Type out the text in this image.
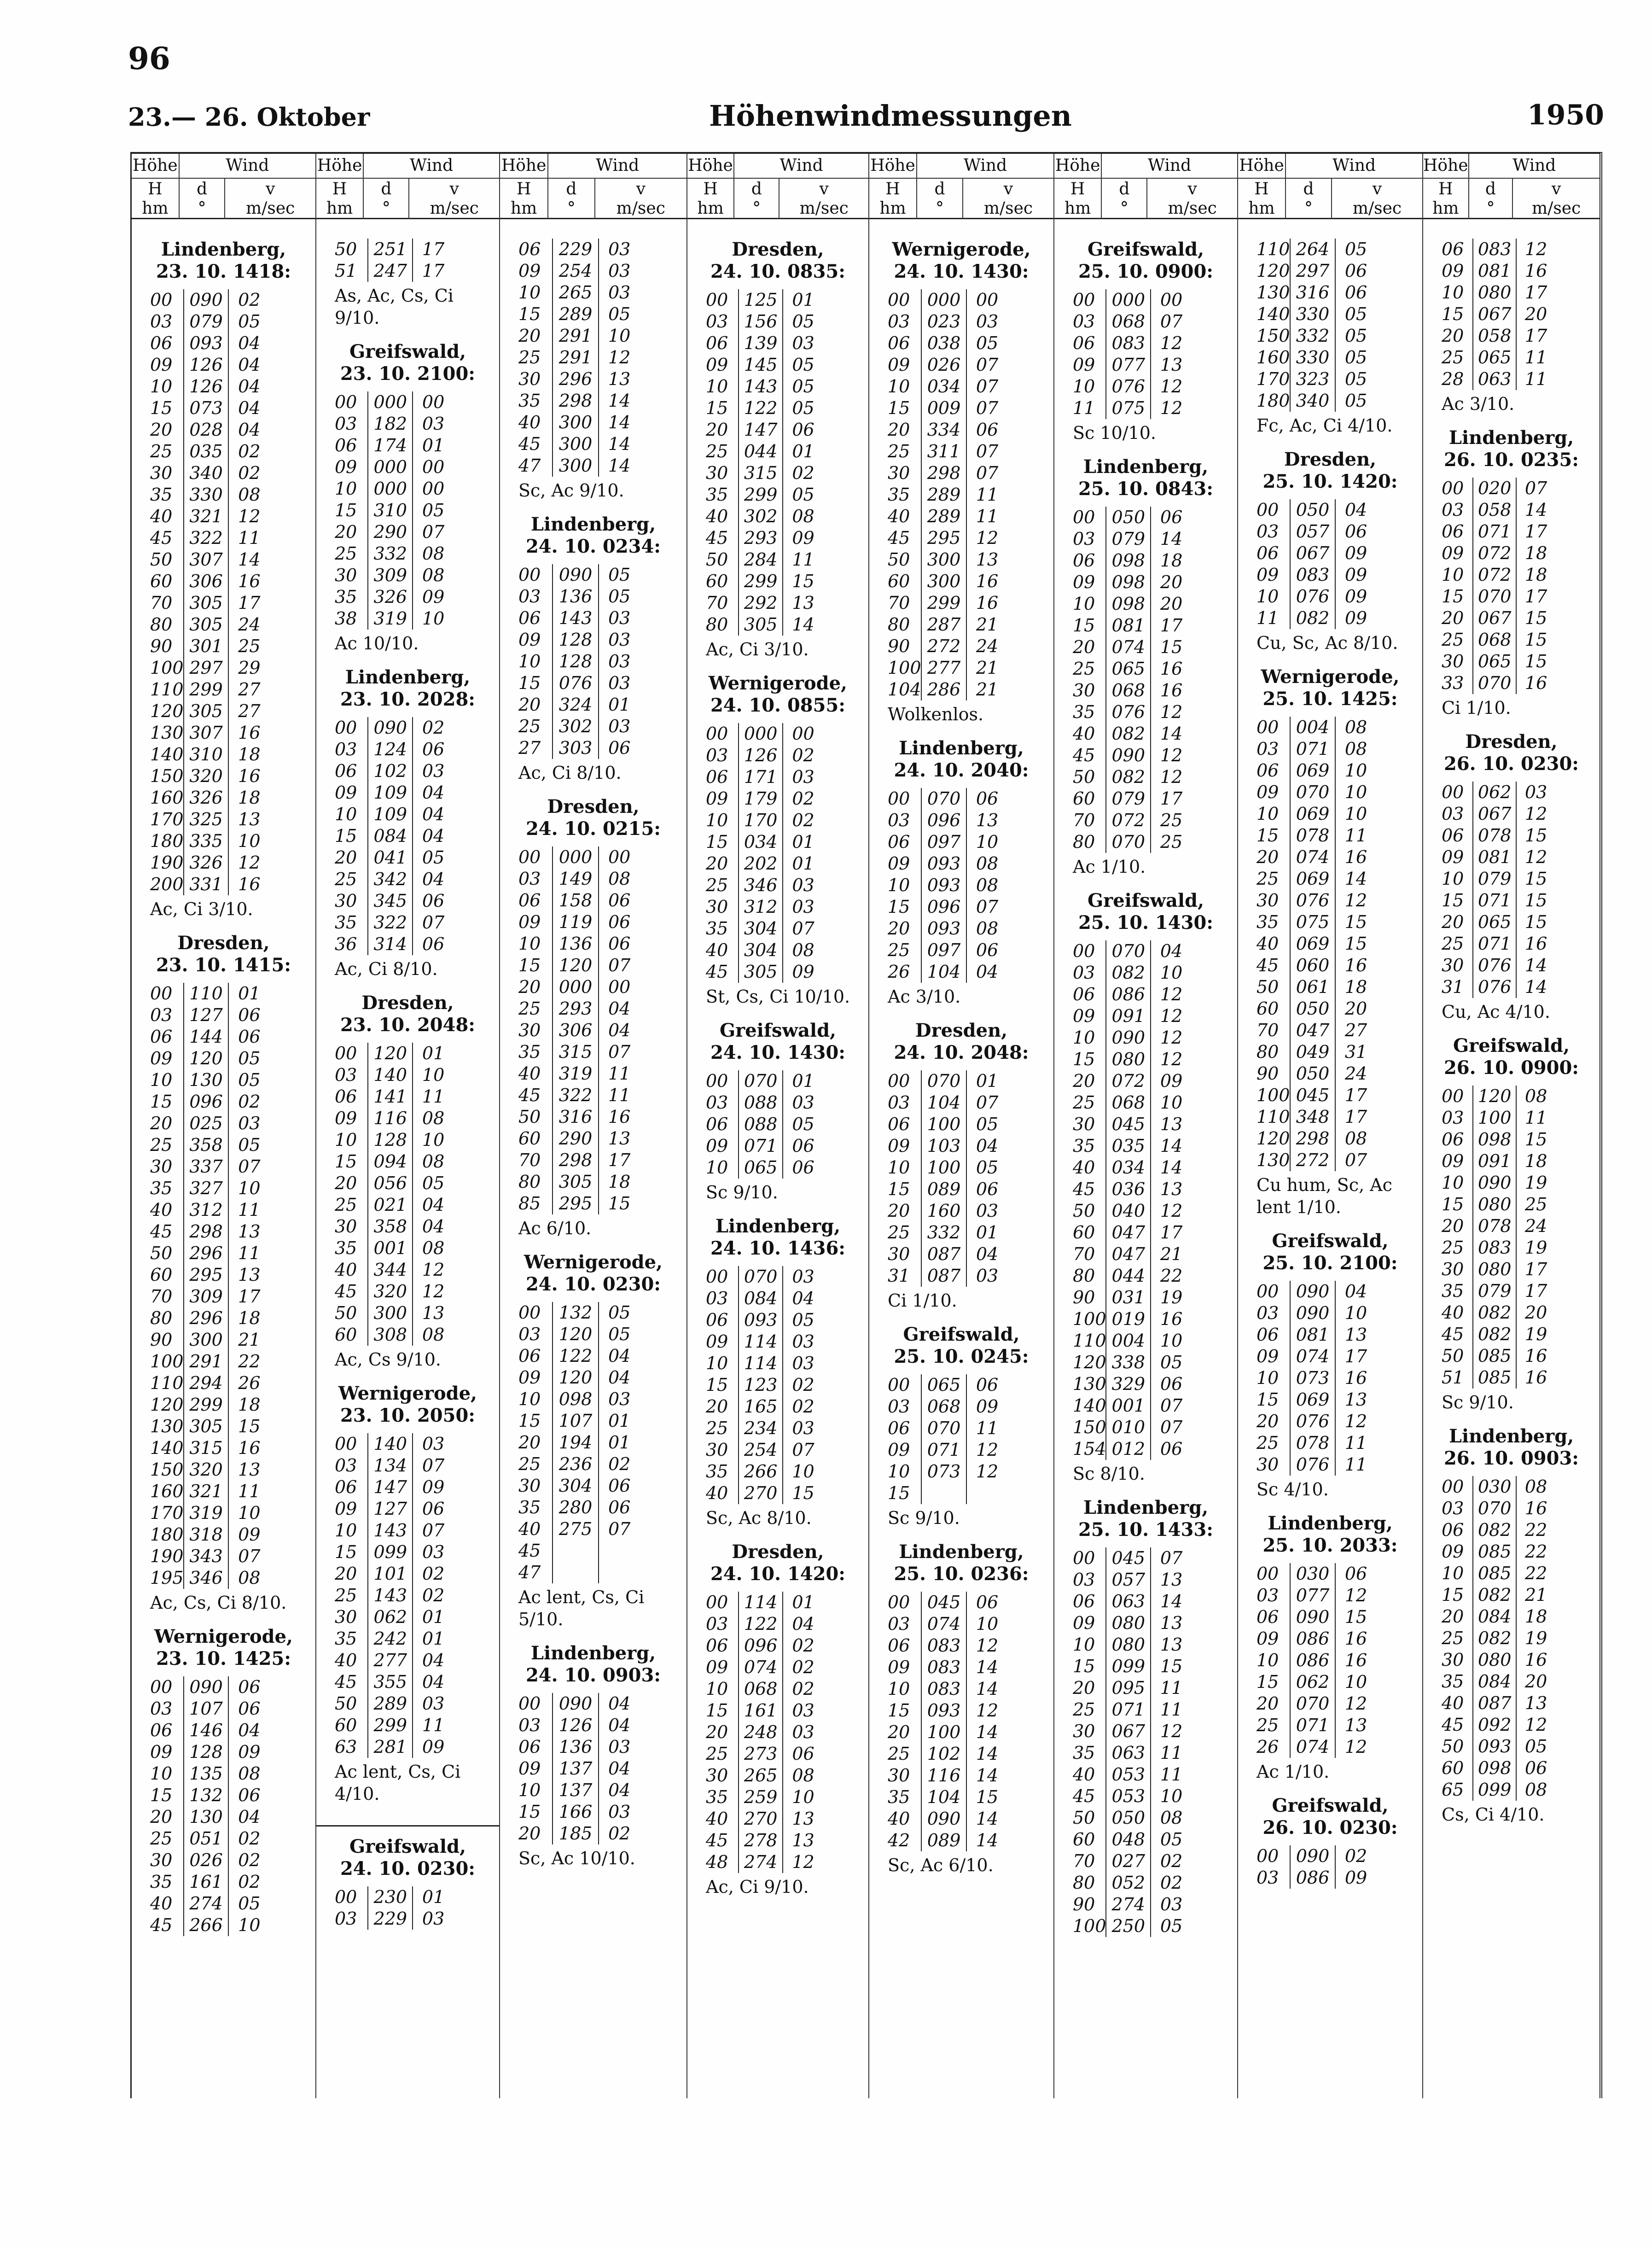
96
23.— 26. Oktober	Höhenwindmessungen	1950
Höhe	Wind
H	d	v
hm	°	m/sec
Lindenberg,
23. 10. 1418:
00 090 02
03 079 05
06 093 04
09 126 04
10 126 04
15 073 04
20 028 04
25 035 02
30 340 02
35 330 08
40 321 12
45 322 11
50 307 14
60 306 16
70 305 17
80 305 24
90 301 25
100 297 29
110 299 27
120 305 27
130 307 16
140 310 18
150 320 16
160 326 18
170 325 13
180 335 10
190 326 12
200 331 16
Ac, Ci 3/10.
Dresden,
23. 10. 1415:
00 110 01
03 127 06
06 144 06
09 120 05
10 130 05
15 096 02
20 025 03
25 358 05
30 337 07
35 327 10
40 312 11
45 298 13
50 296 11
60 295 13
70 309 17
80 296 18
90 300 21
100 291 22
110 294 26
120 299 18
130 305 15
140 315 16
150 320 13
160 321 11
170 319 10
180 318 09
190 343 07
195 346 08
Ac, Cs, Ci 8/10.
Wernigerode,
23. 10. 1425:
00 090 06
03 107 06
06 146 04
09 128 09
10 135 08
15 132 06
20 130 04
25 051 02
30 026 02
35 161 02
40 274 05
45 266 10
Höhe	Wind
H	d	v
hm	°	m/sec
50 251 17
51 247 17
As, Ac, Cs, Ci 9/10.
Greifswald,
23. 10. 2100:
00 000 00
03 182 03
06 174 01
09 000 00
10 000 00
15 310 05
20 290 07
25 332 08
30 309 08
35 326 09
38 319 10
Ac 10/10.
Lindenberg,
23. 10. 2028:
00 090 02
03 124 06
06 102 03
09 109 04
10 109 04
15 084 04
20 041 05
25 342 04
30 345 06
35 322 07
36 314 06
Ac, Ci 8/10.
Dresden,
23. 10. 2048:
00 120 01
03 140 10
06 141 11
09 116 08
10 128 10
15 094 08
20 056 05
25 021 04
30 358 04
35 001 08
40 344 12
45 320 12
50 300 13
60 308 08
Ac, Cs 9/10.
Wernigerode,
23. 10. 2050:
00 140 03
03 134 07
06 147 09
09 127 06
10 143 07
15 099 03
20 101 02
25 143 02
30 062 01
35 242 01
40 277 04
45 355 04
50 289 03
60 299 11
63 281 09
Ac lent, Cs, Ci 4/10.
Greifswald,
24. 10. 0230:
00 230 01
03 229 03
Höhe	Wind
H	d	v
hm	°	m/sec
06	229 03
09	254 03
10	265 03
15	289 05
20	291 10
25	291 12
30	296 13
35	298 14
40	300 14
45	300 14
47	300 14
Sc, Ac 9/10.
Lindenberg,
24. 10. 0234:
00	090 05
03	136 05
06	143 03
09	128 03
10	128 03
15	076 03
20	324 01
25	302 03
27	303 06
Ac, Ci 8/10.
Dresden,
24. 10. 0215:
00	000 00
03	149 08
06	158 06
09	119 06
10	136 06
15	120 07
20	000 00
25	293 04
30	306 04
35	315 07
40	319 11
45	322 11
50	316 16
60	290 13
70	298 17
80	305 18
85	295 15
Ac 6/10.
Wernigerode,
24. 10. 0230:
00	132 05
03	120 05
06	122 04
09	120 04
10	098 03
15	107 01
20	194 01
25	236 02
30	304 06
35	280 06
40	275 07
45
47
Ac lent, Cs, Ci 5/10.
Lindenberg,
24. 10. 0903:
00	090 04
03	126 04
06	136 03
09	137 04
10	137 04
15	166 03
20	185 02
Sc, Ac 10/10.
Höhe	Wind
H	d	v
hm	°	m/sec
Dresden,
24. 10. 0835:
00 125 01
03 156 05
06 139 03
09 145 05
10 143 05
15 122 05
20 147 06
25 044 01
30 315 02
35 299 05
40 302 08
45 293 09
50 284 11
60 299 15
70 292 13
80 305 14
Ac, Ci 3/10.
Wernigerode,
24. 10. 0855:
00 000 00
03 126 02
06 171 03
09 179 02
10 170 02
15 034 01
20 202 01
25 346 03
30 312 03
35 304 07
40 304 08
45 305 09
St, Cs, Ci 10/10.
Greifswald,
24. 10. 1430:
00 070 01
03 088 03
06 088 05
09 071 06
10 065 06
Sc 9/10.
Lindenberg,
24. 10. 1436:
00 070 03
03 084 04
06 093 05
09 114 03
10 114 03
15 123 02
20 165 02
25 234 03
30 254 07
35 266 10
40 270 15
Sc, Ac 8/10.
Dresden,
24. 10. 1420:
00 114 01
03 122 04
06 096 02
09 074 02
10 068 02
15 161 03
20 248 03
25 273 06
30 265 08
35 259 10
40 270 13
45 278 13
48 274 12
Ac, Ci 9/10.
Höhe	Wind
H	d	v
hm	°	m/sec
Wernigerode,
24. 10. 1430:
00 000 00
03 023 03
06 038 05
09 026 07
10 034 07
15 009 07
20 334 06
25 311 07
30 298 07
35 289 11
40 289 11
45 295 12
50 300 13
60 300 16
70 299 16
80 287 21
90 272 24
100 277 21
104 286 21
Wolkenlos.
Lindenberg,
24. 10. 2040:
00 070 06
03 096 13
06 097 10
09 093 08
10 093 08
15 096 07
20 093 08
25 097 06
26 104 04
Ac 3/10.
Dresden,
24. 10. 2048:
00 070 01
03 104 07
06 100 05
09 103 04
10 100 05
15 089 06
20 160 03
25 332 01
30 087 04
31 087 03
Ci 1/10.
Greifswald,
25. 10. 0245:
00 065 06
03 068 09
06 070 11
09 071 12
10 073 12
15
Sc 9/10.
Lindenberg,
25. 10. 0236:
00 045 06
03 074 10
06 083 12
09 083 14
10 083 14
15 093 12
20 100 14
25 102 14
30 116 14
35 104 15
40 090 14
42 089 14
Sc, Ac 6/10.
Höhe	Wind
H	d	v
hm	°	m/sec
Greifswald,
25. 10. 0900:
00 000 00
03 068 07
06 083 12
09 077 13
10 076 12
11 075 12
Sc 10/10.
Lindenberg,
25. 10. 0843:
00 050 06
03 079 14
06 098 18
09 098 20
10 098 20
15 081 17
20 074 15
25 065 16
30 068 16
35 076 12
40 082 14
45 090 12
50 082 12
60 079 17
70 072 25
80 070 25
Ac 1/10.
Greifswald,
25. 10. 1430:
00 070 04
03 082 10
06 086 12
09 091 12
10 090 12
15 080 12
20 072 09
25 068 10
30 045 13
35 035 14
40 034 14
45 036 13
50 040 12
60 047 17
70 047 21
80 044 22
90 031 19
100 019 16
110 004 10
120 338 05
130 329 06
140 001 07
150 010 07
154 012 06
Sc 8/10.
Lindenberg,
25. 10. 1433:
00 045 07
03 057 13
06 063 14
09 080 13
10 080 13
15 099 15
20 095 11
25 071 11
30 067 12
35 063 11
40 053 11
45 053 10
50 050 08
60 048 05
70 027 02
80 052 02
90 274 03
100 250 05
Höhe	Wind
H	d	v
hm	°	m/sec
110 264 05
120 297 06
130 316 06
140 330 05
150 332 05
160 330 05
170 323 05
180 340 05
Fc, Ac, Ci 4/10.
Dresden,
25. 10. 1420:
00 050 04
03 057 06
06 067 09
09 083 09
10 076 09
11 082 09
Cu, Sc, Ac 8/10.
Wernigerode,
25. 10. 1425:
00 004 08
03 071 08
06 069 10
09 070 10
10 069 10
15 078 11
20 074 16
25 069 14
30 076 12
35 075 15
40 069 15
45 060 16
50 061 18
60 050 20
70 047 27
80 049 31
90 050 24
100 045 17
110 348 17
120 298 08
130 272 07
Cu hum, Sc, Ac lent 1/10.
Greifswald,
25. 10. 2100:
00 090 04
03 090 10
06 081 13
09 074 17
10 073 16
15 069 13
20 076 12
25 078 11
30 076 11
Sc 4/10.
Lindenberg,
25. 10. 2033:
00 030 06
03 077 12
06 090 15
09 086 16
10 086 16
15 062 10
20 070 12
25 071 13
26 074 12
Ac 1/10.
Greifswald,
26. 10. 0230:
00 090 02
03 086 09
Höhe	Wind
H	d	v
hm	°	m/sec
06 083 12
09 081 16
10 080 17
15 067 20
20 058 17
25 065 11
28 063 11
Ac 3/10.
Lindenberg,
26. 10. 0235:
00 020 07
03 058 14
06 071 17
09 072 18
10 072 18
15 070 17
20 067 15
25 068 15
30 065 15
33 070 16
Ci 1/10.
Dresden,
26. 10. 0230:
00 062 03
03 067 12
06 078 15
09 081 12
10 079 15
15 071 15
20 065 15
25 071 16
30 076 14
31 076 14
Cu, Ac 4/10.
Greifswald,
26. 10. 0900:
00 120 08
03 100 11
06 098 15
09 091 18
10 090 19
15 080 25
20 078 24
25 083 19
30 080 17
35 079 17
40 082 20
45 082 19
50 085 16
51 085 16
Sc 9/10.
Lindenberg,
26. 10. 0903:
00 030 08
03 070 16
06 082 22
09 085 22
10 085 22
15 082 21
20 084 18
25 082 19
30 080 16
35 084 20
40 087 13
45 092 12
50 093 05
60 098 06
65 099 08
Cs, Ci 4/10.
